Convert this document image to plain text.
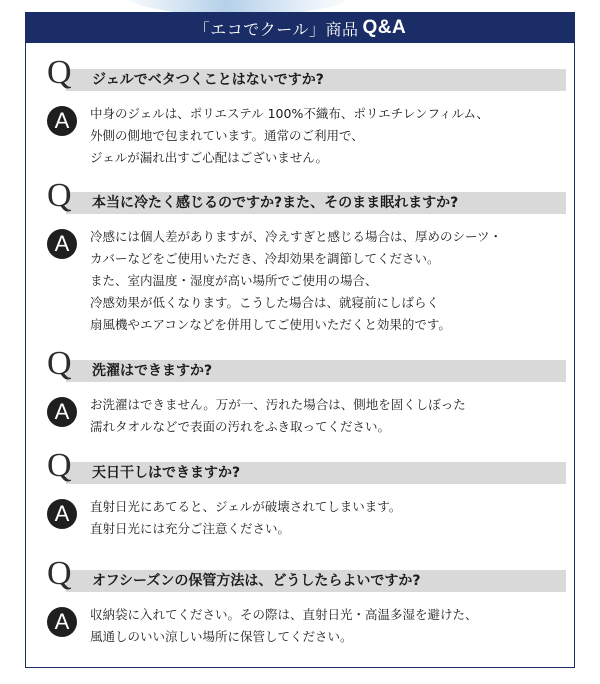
「エコでクール」商品 Q&A
Q ジェルでベタつくことはないですか?
A	中身のジェルは、ポリエステル 100%不織布、ポリエチレンフィルム、
外側の側地で包まれています。通常のご利用で、
ジェルが漏れ出すご心配はございません。
Q 本当に冷たく感じるのですか?また、そのまま眠れますか?
A	冷感には個人差がありますが、冷えすぎと感じる場合は、厚めのシーツ・
カバーなどをご使用いただき、冷却効果を調節してください。
また、室内温度・湿度が高い場所でご使用の場合、
冷感効果が低くなります。こうした場合は、就寝前にしばらく
扇風機やエアコンなどを併用してご使用いただくと効果的です。
Q 洗濯はできますか?
A	お洗濯はできません。万が一、汚れた場合は、側地を固くしぼった
濡れタオルなどで表面の汚れをふき取ってください。
Q 天日干しはできますか?
A	直射日光にあてると、ジェルが破壊されてしまいます。
直射日光には充分ご注意ください。
Q オフシーズンの保管方法は、どうしたらよいですか?
A	収納袋に入れてください。その際は、直射日光・高温多湿を避けた、
風通しのいい涼しい場所に保管してください。
